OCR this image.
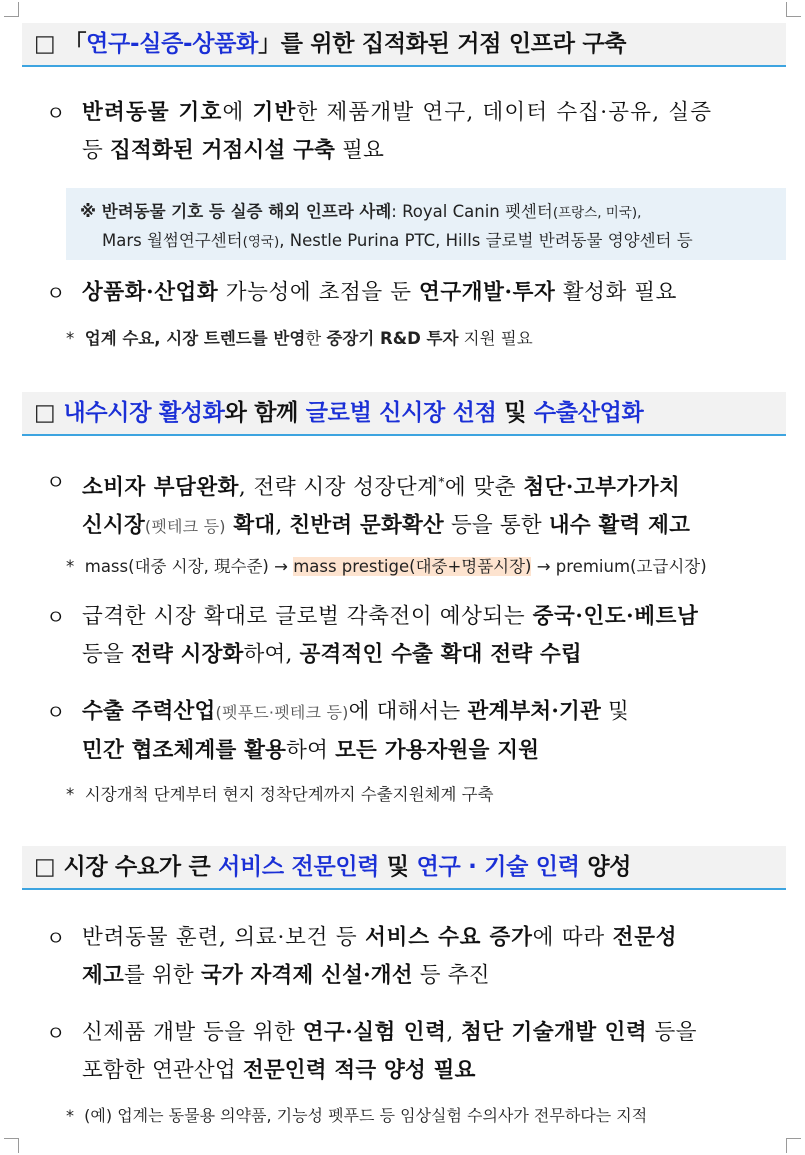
□ 「연구-실증-상품화」를 위한 집적화된 거점 인프라 구축
ㅇ 반려동물 기호에 기반한 제품개발 연구, 데이터 수집·공유, 실증
등 집적화된 거점시설 구축 필요
※ 반려동물 기호 등 실증 해외 인프라 사례: Royal Canin 펫센터(프랑스, 미국),
Mars 월썸연구센터(영국), Nestle Purina PTC, Hills 글로벌 반려동물 영양센터 등
ㅇ 상품화·산업화 가능성에 초점을 둔 연구개발·투자 활성화 필요
* 업계 수요, 시장 트렌드를 반영한 중장기 R&D 투자 지원 필요
□ 내수시장 활성화와 함께 글로벌 신시장 선점 및 수출산업화
ㅇ 소비자 부담완화, 전략 시장 성장단계*에 맞춘 첨단·고부가가치
신시장(펫테크 등) 확대, 친반려 문화확산 등을 통한 내수 활력 제고
* mass(대중 시장, 現수준) → mass prestige(대중+명품시장) → premium(고급시장)
ㅇ 급격한 시장 확대로 글로벌 각축전이 예상되는 중국·인도·베트남
등을 전략 시장화하여, 공격적인 수출 확대 전략 수립
ㅇ 수출 주력산업(펫푸드·펫테크 등)에 대해서는 관계부처·기관 및
민간 협조체계를 활용하여 모든 가용자원을 지원
* 시장개척 단계부터 현지 정착단계까지 수출지원체계 구축
□ 시장 수요가 큰 서비스 전문인력 및 연구 · 기술 인력 양성
ㅇ 반려동물 훈련, 의료·보건 등 서비스 수요 증가에 따라 전문성
제고를 위한 국가 자격제 신설·개선 등 추진
ㅇ 신제품 개발 등을 위한 연구·실험 인력, 첨단 기술개발 인력 등을
포함한 연관산업 전문인력 적극 양성 필요
* (예) 업계는 동물용 의약품, 기능성 펫푸드 등 임상실험 수의사가 전무하다는 지적
